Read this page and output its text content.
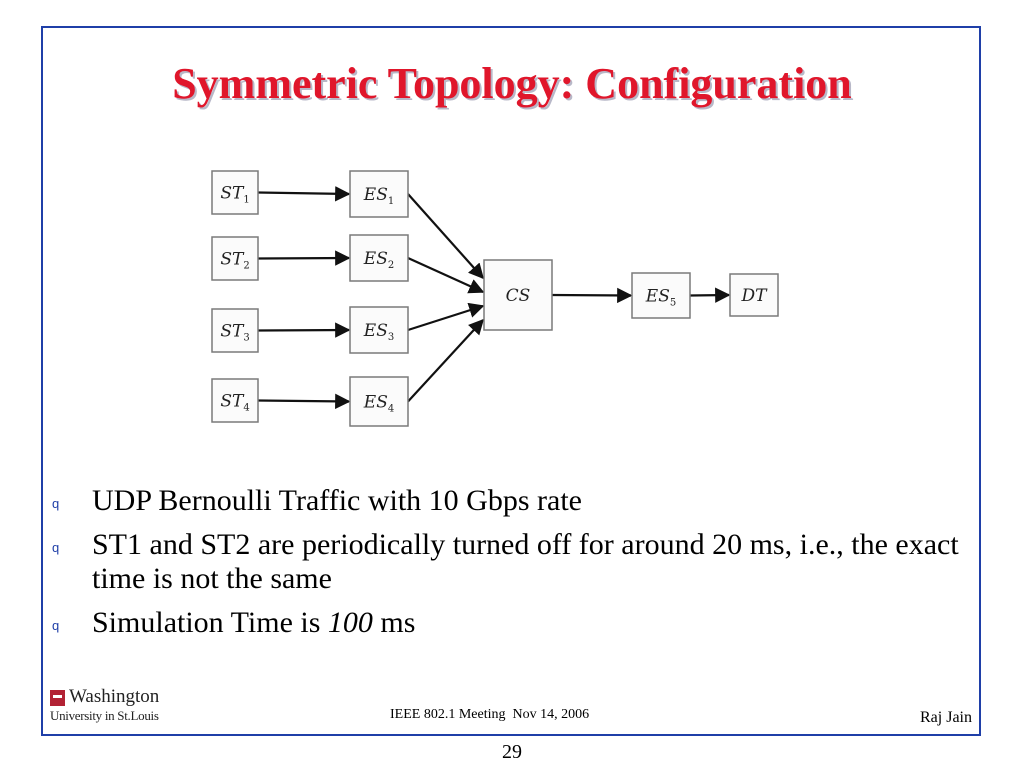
Symmetric Topology: Configuration
$ST_1$
$ST_2$
$ST_3$
$ST_4$
$ES_1$
$ES_2$
$ES_3$
$ES_4$
CS	$ES_5$	DT
q UDP Bernoulli Traffic with 10 Gbps rate
q ST1 and ST2 are periodically turned off for around 20 ms, i.e., the exact time is not the same
q Simulation Time is 100 ms
Washington
University in St.Louis	IEEE 802.1 Meeting  Nov 14, 2006	Raj Jain
29
